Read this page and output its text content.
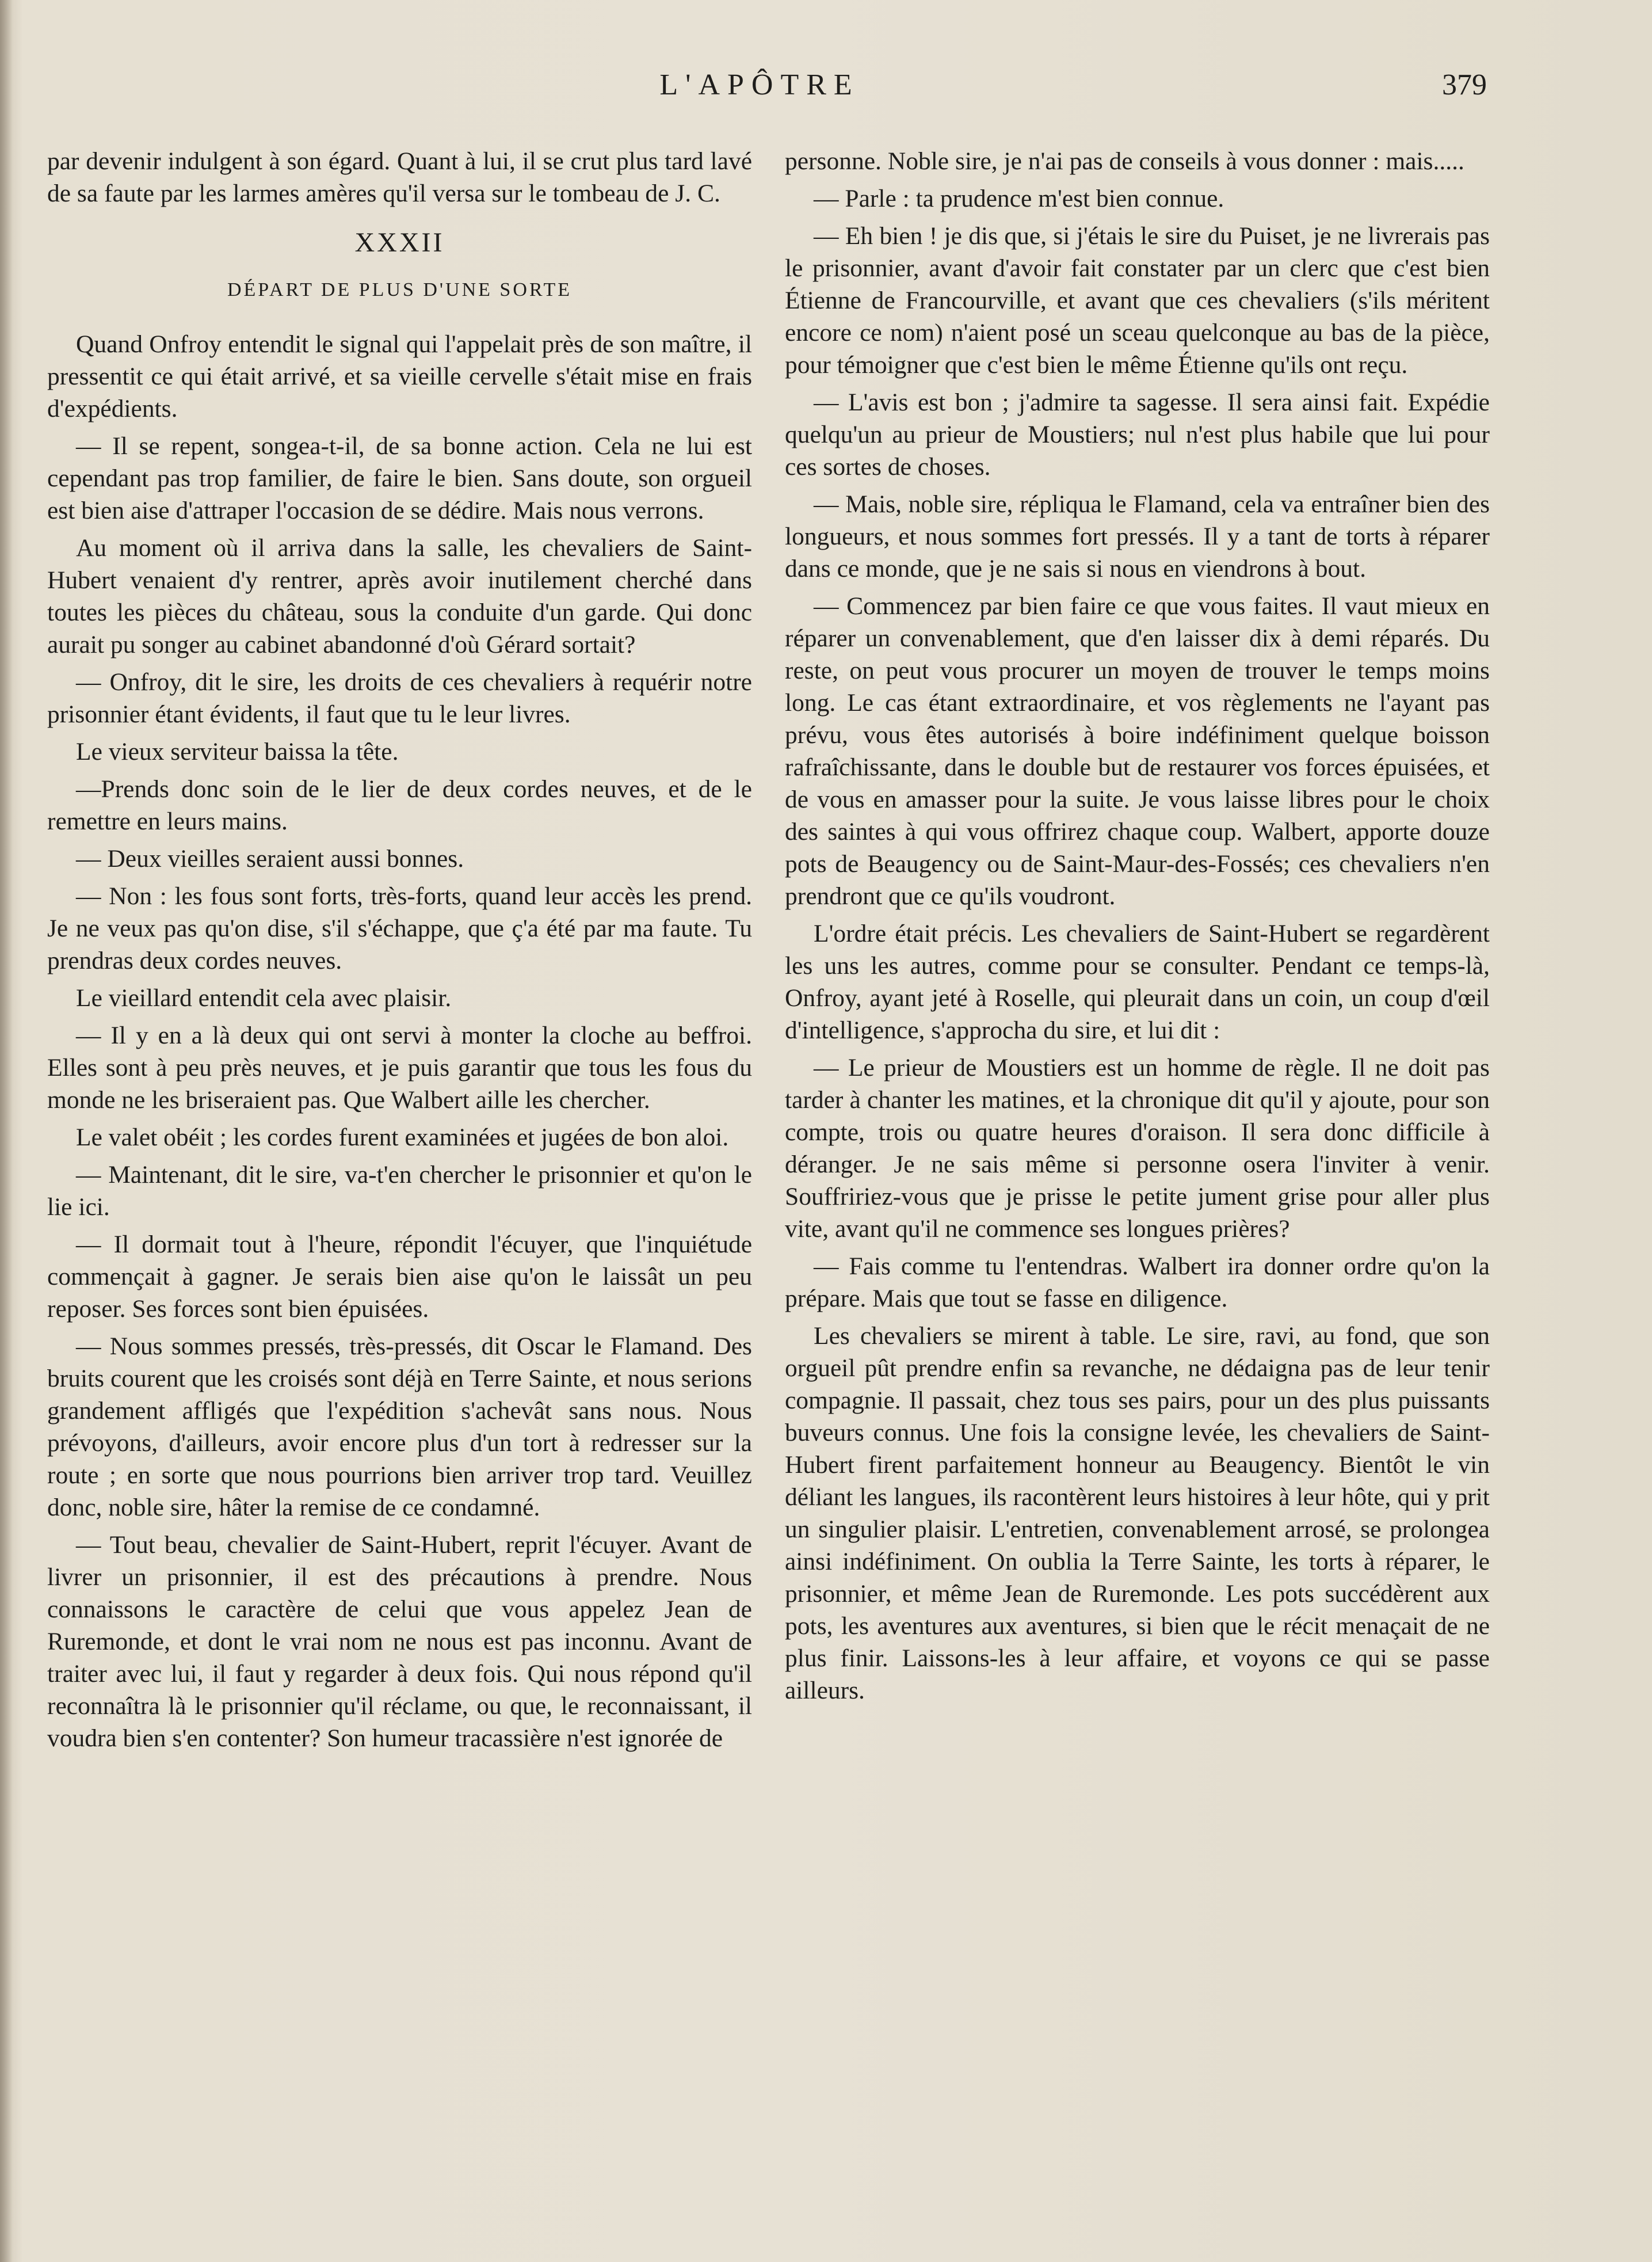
L'APÔTRE	379

par devenir indulgent à son égard. Quant à lui, il se crut plus tard lavé de sa faute par les larmes amères qu'il versa sur le tombeau de J. C.

XXXII
DÉPART DE PLUS D'UNE SORTE

Quand Onfroy entendit le signal qui l'appelait près de son maître, il pressentit ce qui était arrivé, et sa vieille cervelle s'était mise en frais d'expédients.

— Il se repent, songea-t-il, de sa bonne action. Cela ne lui est cependant pas trop familier, de faire le bien. Sans doute, son orgueil est bien aise d'attraper l'occasion de se dédire. Mais nous verrons.

Au moment où il arriva dans la salle, les chevaliers de Saint-Hubert venaient d'y rentrer, après avoir inutilement cherché dans toutes les pièces du château, sous la conduite d'un garde. Qui donc aurait pu songer au cabinet abandonné d'où Gérard sortait?

— Onfroy, dit le sire, les droits de ces chevaliers à requérir notre prisonnier étant évidents, il faut que tu le leur livres.

Le vieux serviteur baissa la tête.

—Prends donc soin de le lier de deux cordes neuves, et de le remettre en leurs mains.

— Deux vieilles seraient aussi bonnes.

— Non : les fous sont forts, très-forts, quand leur accès les prend. Je ne veux pas qu'on dise, s'il s'échappe, que ç'a été par ma faute. Tu prendras deux cordes neuves.

Le vieillard entendit cela avec plaisir.

— Il y en a là deux qui ont servi à monter la cloche au beffroi. Elles sont à peu près neuves, et je puis garantir que tous les fous du monde ne les briseraient pas. Que Walbert aille les chercher.

Le valet obéit ; les cordes furent examinées et jugées de bon aloi.

— Maintenant, dit le sire, va-t'en chercher le prisonnier et qu'on le lie ici.

— Il dormait tout à l'heure, répondit l'écuyer, que l'inquiétude commençait à gagner. Je serais bien aise qu'on le laissât un peu reposer. Ses forces sont bien épuisées.

— Nous sommes pressés, très-pressés, dit Oscar le Flamand. Des bruits courent que les croisés sont déjà en Terre Sainte, et nous serions grandement affligés que l'expédition s'achevât sans nous. Nous prévoyons, d'ailleurs, avoir encore plus d'un tort à redresser sur la route ; en sorte que nous pourrions bien arriver trop tard. Veuillez donc, noble sire, hâter la remise de ce condamné.

— Tout beau, chevalier de Saint-Hubert, reprit l'écuyer. Avant de livrer un prisonnier, il est des précautions à prendre. Nous connaissons le caractère de celui que vous appelez Jean de Ruremonde, et dont le vrai nom ne nous est pas inconnu. Avant de traiter avec lui, il faut y regarder à deux fois. Qui nous répond qu'il reconnaîtra là le prisonnier qu'il réclame, ou que, le reconnaissant, il voudra bien s'en contenter? Son humeur tracassière n'est ignorée de

personne. Noble sire, je n'ai pas de conseils à vous donner : mais.....

— Parle : ta prudence m'est bien connue.

— Eh bien ! je dis que, si j'étais le sire du Puiset, je ne livrerais pas le prisonnier, avant d'avoir fait constater par un clerc que c'est bien Étienne de Francourville, et avant que ces chevaliers (s'ils méritent encore ce nom) n'aient posé un sceau quelconque au bas de la pièce, pour témoigner que c'est bien le même Étienne qu'ils ont reçu.

— L'avis est bon ; j'admire ta sagesse. Il sera ainsi fait. Expédie quelqu'un au prieur de Moustiers; nul n'est plus habile que lui pour ces sortes de choses.

— Mais, noble sire, répliqua le Flamand, cela va entraîner bien des longueurs, et nous sommes fort pressés. Il y a tant de torts à réparer dans ce monde, que je ne sais si nous en viendrons à bout.

— Commencez par bien faire ce que vous faites. Il vaut mieux en réparer un convenablement, que d'en laisser dix à demi réparés. Du reste, on peut vous procurer un moyen de trouver le temps moins long. Le cas étant extraordinaire, et vos règlements ne l'ayant pas prévu, vous êtes autorisés à boire indéfiniment quelque boisson rafraîchissante, dans le double but de restaurer vos forces épuisées, et de vous en amasser pour la suite. Je vous laisse libres pour le choix des saintes à qui vous offrirez chaque coup. Walbert, apporte douze pots de Beaugency ou de Saint-Maur-des-Fossés; ces chevaliers n'en prendront que ce qu'ils voudront.

L'ordre était précis. Les chevaliers de Saint-Hubert se regardèrent les uns les autres, comme pour se consulter. Pendant ce temps-là, Onfroy, ayant jeté à Roselle, qui pleurait dans un coin, un coup d'œil d'intelligence, s'approcha du sire, et lui dit :

— Le prieur de Moustiers est un homme de règle. Il ne doit pas tarder à chanter les matines, et la chronique dit qu'il y ajoute, pour son compte, trois ou quatre heures d'oraison. Il sera donc difficile à déranger. Je ne sais même si personne osera l'inviter à venir. Souffririez-vous que je prisse le petite jument grise pour aller plus vite, avant qu'il ne commence ses longues prières?

— Fais comme tu l'entendras. Walbert ira donner ordre qu'on la prépare. Mais que tout se fasse en diligence.

Les chevaliers se mirent à table. Le sire, ravi, au fond, que son orgueil pût prendre enfin sa revanche, ne dédaigna pas de leur tenir compagnie. Il passait, chez tous ses pairs, pour un des plus puissants buveurs connus. Une fois la consigne levée, les chevaliers de Saint-Hubert firent parfaitement honneur au Beaugency. Bientôt le vin déliant les langues, ils racontèrent leurs histoires à leur hôte, qui y prit un singulier plaisir. L'entretien, convenablement arrosé, se prolongea ainsi indéfiniment. On oublia la Terre Sainte, les torts à réparer, le prisonnier, et même Jean de Ruremonde. Les pots succédèrent aux pots, les aventures aux aventures, si bien que le récit menaçait de ne plus finir. Laissons-les à leur affaire, et voyons ce qui se passe ailleurs.
